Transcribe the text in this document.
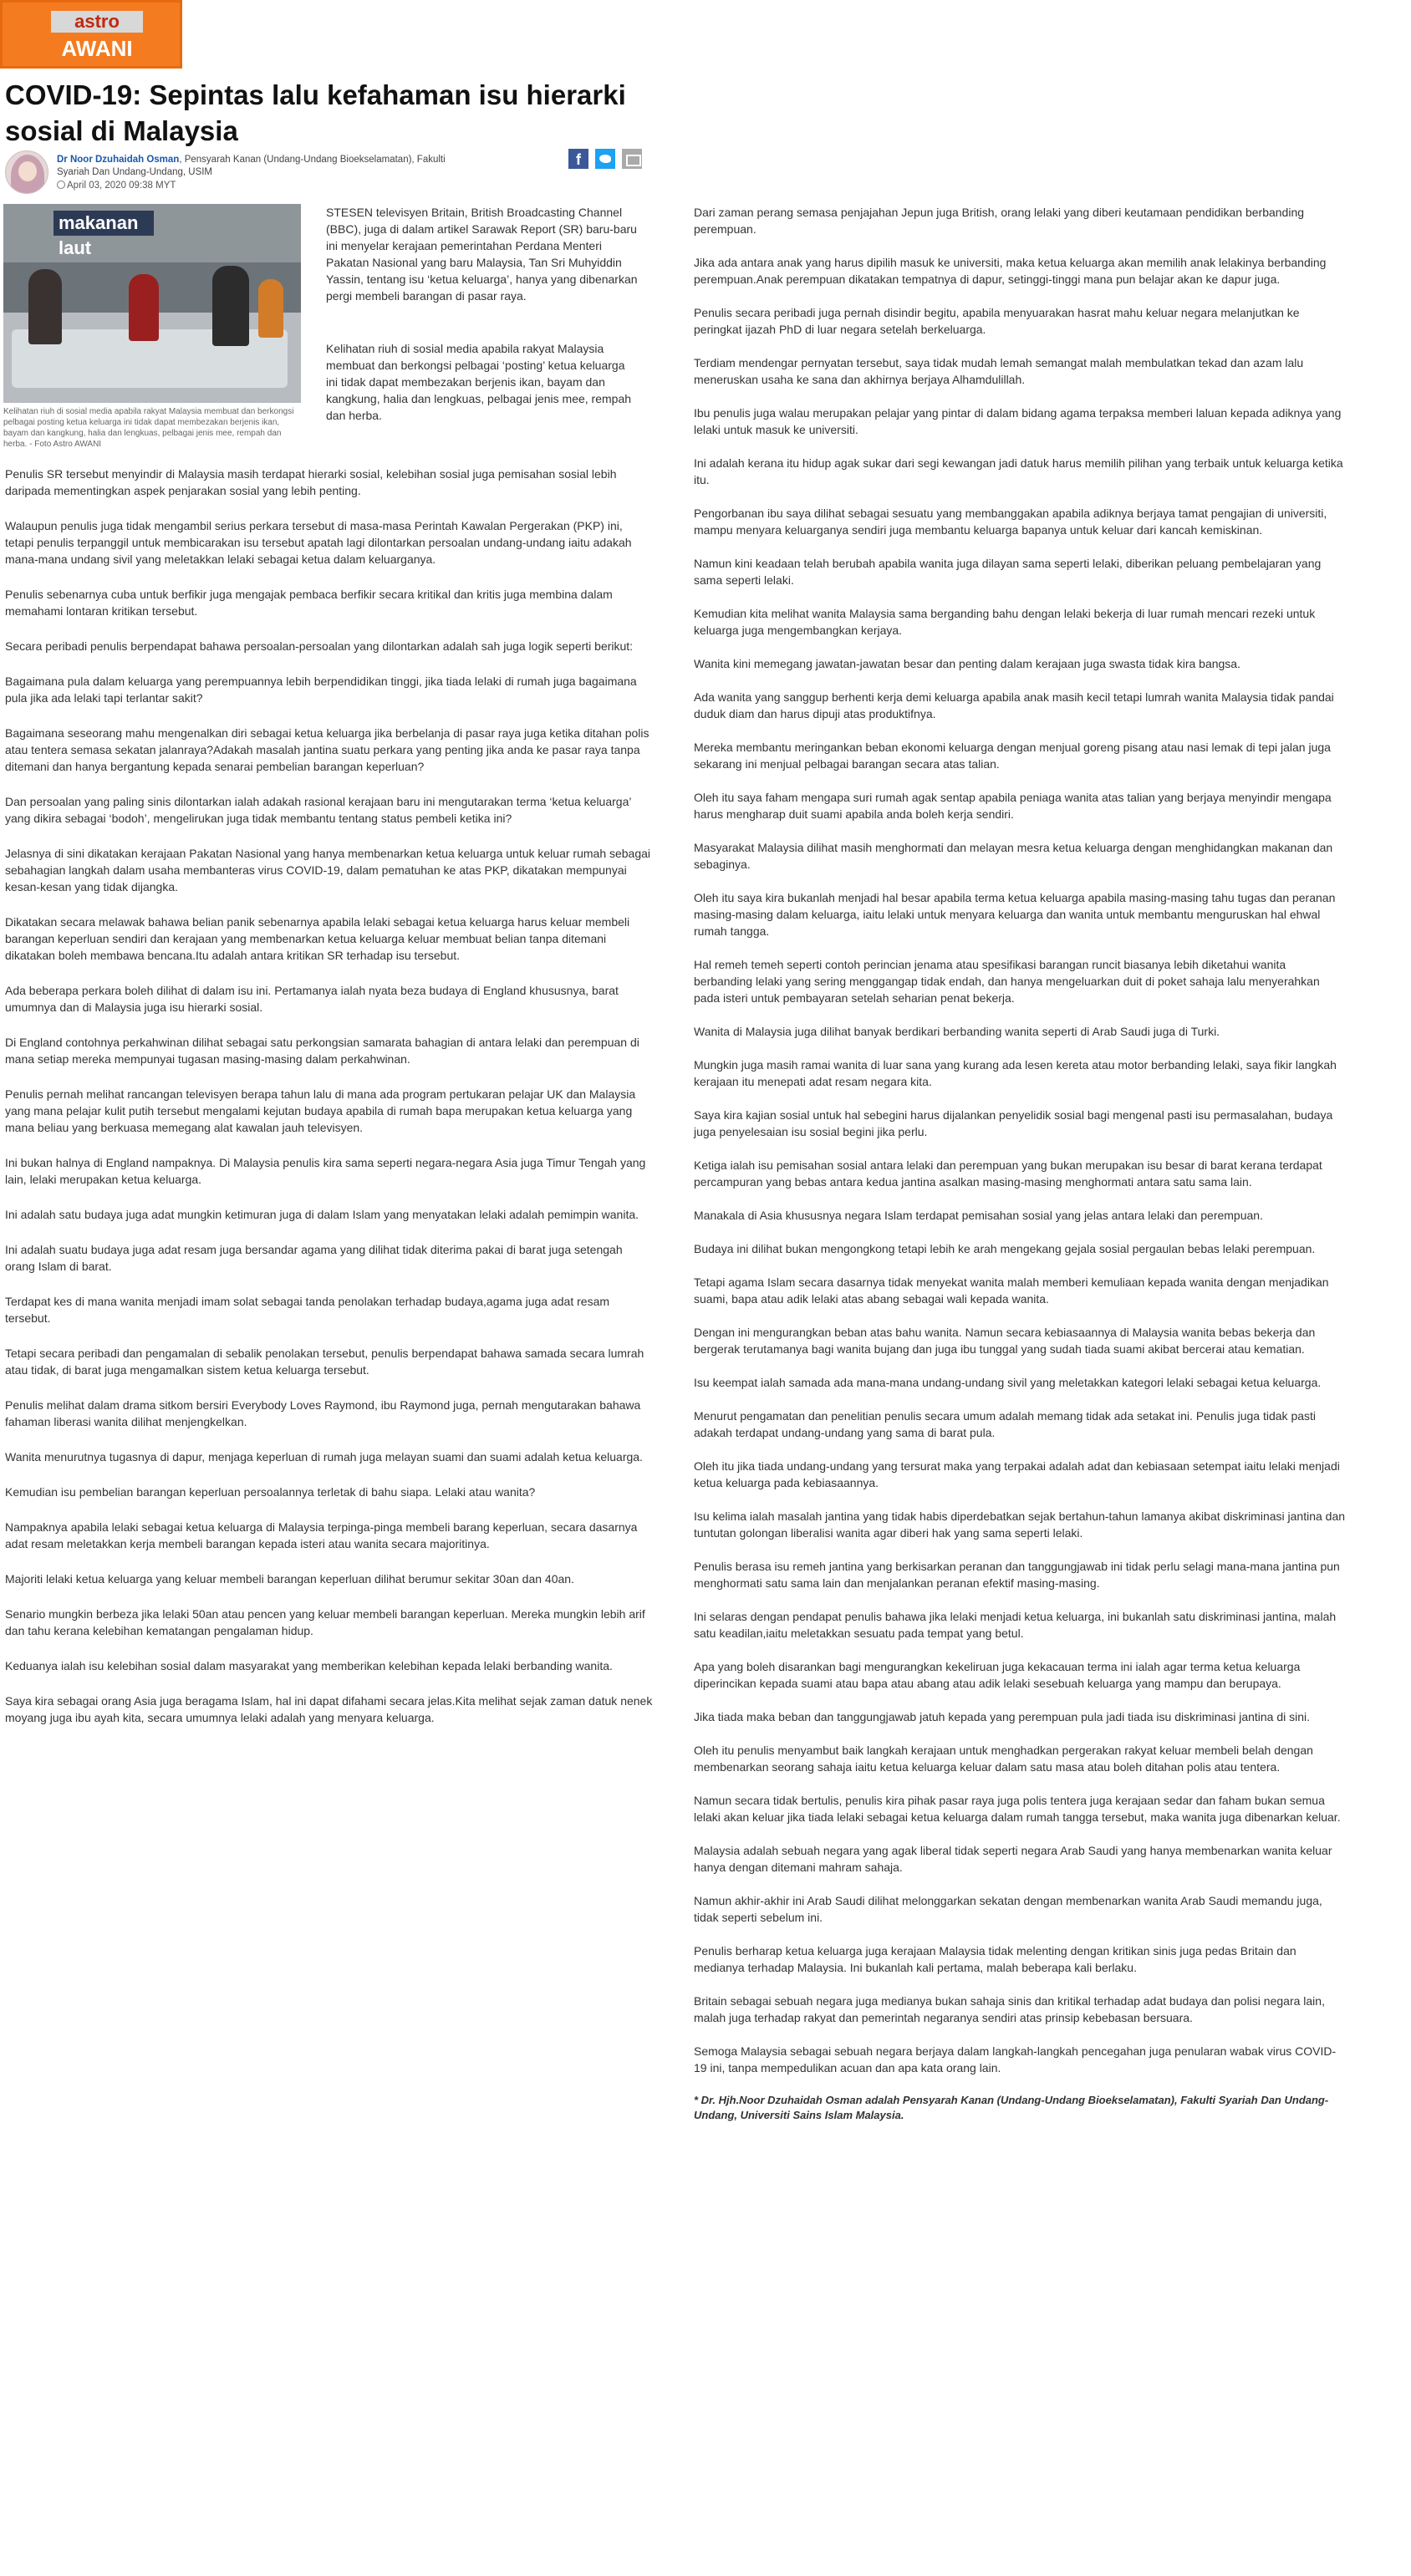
astro
AWANI
COVID-19: Sepintas lalu kefahaman isu hierarki sosial di Malaysia
Dr Noor Dzuhaidah Osman, Pensyarah Kanan (Undang-Undang Bioekselamatan), Fakulti Syariah Dan Undang-Undang, USIM
April 03, 2020 09:38 MYT
f
makanan laut
Kelihatan riuh di sosial media apabila rakyat Malaysia membuat dan berkongsi pelbagai posting ketua keluarga ini tidak dapat membezakan berjenis ikan, bayam dan kangkung, halia dan lengkuas, pelbagai jenis mee, rempah dan herba. - Foto Astro AWANI
STESEN televisyen Britain, British Broadcasting Channel (BBC), juga di dalam artikel Sarawak Report (SR) baru-baru ini menyelar kerajaan pemerintahan Perdana Menteri Pakatan Nasional yang baru Malaysia, Tan Sri Muhyiddin Yassin, tentang isu ‘ketua keluarga’, hanya yang dibenarkan pergi membeli barangan di pasar raya.
Kelihatan riuh di sosial media apabila rakyat Malaysia membuat dan berkongsi pelbagai ‘posting’ ketua keluarga ini tidak dapat membezakan berjenis ikan, bayam dan kangkung, halia dan lengkuas, pelbagai jenis mee, rempah dan herba.
Penulis SR tersebut menyindir di Malaysia masih terdapat hierarki sosial, kelebihan sosial juga pemisahan sosial lebih daripada mementingkan aspek penjarakan sosial yang lebih penting.
Walaupun penulis juga tidak mengambil serius perkara tersebut di masa-masa Perintah Kawalan Pergerakan (PKP) ini, tetapi penulis terpanggil untuk membicarakan isu tersebut apatah lagi dilontarkan persoalan undang-undang iaitu adakah mana-mana undang sivil yang meletakkan lelaki sebagai ketua dalam keluarganya.
Penulis sebenarnya cuba untuk berfikir juga mengajak pembaca berfikir secara kritikal dan kritis juga membina dalam memahami lontaran kritikan tersebut.
Secara peribadi penulis berpendapat bahawa persoalan-persoalan yang dilontarkan adalah sah juga logik seperti berikut:
Bagaimana pula dalam keluarga yang perempuannya lebih berpendidikan tinggi, jika tiada lelaki di rumah juga bagaimana pula jika ada lelaki tapi terlantar sakit?
Bagaimana seseorang mahu mengenalkan diri sebagai ketua keluarga jika berbelanja di pasar raya juga ketika ditahan polis atau tentera semasa sekatan jalanraya?Adakah masalah jantina suatu perkara yang penting jika anda ke pasar raya tanpa ditemani dan hanya bergantung kepada senarai pembelian barangan keperluan?
Dan persoalan yang paling sinis dilontarkan ialah adakah rasional kerajaan baru ini mengutarakan terma ‘ketua keluarga’ yang dikira sebagai ‘bodoh’, mengelirukan juga tidak membantu tentang status pembeli ketika ini?
Jelasnya di sini dikatakan kerajaan Pakatan Nasional yang hanya membenarkan ketua keluarga untuk keluar rumah sebagai sebahagian langkah dalam usaha membanteras virus COVID-19, dalam pematuhan ke atas PKP, dikatakan mempunyai kesan-kesan yang tidak dijangka.
Dikatakan secara melawak bahawa belian panik sebenarnya apabila lelaki sebagai ketua keluarga harus keluar membeli barangan keperluan sendiri dan kerajaan yang membenarkan ketua keluarga keluar membuat belian tanpa ditemani dikatakan boleh membawa bencana.Itu adalah antara kritikan SR terhadap isu tersebut.
Ada beberapa perkara boleh dilihat di dalam isu ini. Pertamanya ialah nyata beza budaya di England khususnya, barat umumnya dan di Malaysia juga isu hierarki sosial.
Di England contohnya perkahwinan dilihat sebagai satu perkongsian samarata bahagian di antara lelaki dan perempuan di mana setiap mereka mempunyai tugasan masing-masing dalam perkahwinan.
Penulis pernah melihat rancangan televisyen berapa tahun lalu di mana ada program pertukaran pelajar UK dan Malaysia yang mana pelajar kulit putih tersebut mengalami kejutan budaya apabila di rumah bapa merupakan ketua keluarga yang mana beliau yang berkuasa memegang alat kawalan jauh televisyen.
Ini bukan halnya di England nampaknya. Di Malaysia penulis kira sama seperti negara-negara Asia juga Timur Tengah yang lain, lelaki merupakan ketua keluarga.
Ini adalah satu budaya juga adat mungkin ketimuran juga di dalam Islam yang menyatakan lelaki adalah pemimpin wanita.
Ini adalah suatu budaya juga adat resam juga bersandar agama yang dilihat tidak diterima pakai di barat juga setengah orang Islam di barat.
Terdapat kes di mana wanita menjadi imam solat sebagai tanda penolakan terhadap budaya,agama juga adat resam tersebut.
Tetapi secara peribadi dan pengamalan di sebalik penolakan tersebut, penulis berpendapat bahawa samada secara lumrah atau tidak, di barat juga mengamalkan sistem ketua keluarga tersebut.
Penulis melihat dalam drama sitkom bersiri Everybody Loves Raymond, ibu Raymond juga, pernah mengutarakan bahawa fahaman liberasi wanita dilihat menjengkelkan.
Wanita menurutnya tugasnya di dapur, menjaga keperluan di rumah juga melayan suami dan suami adalah ketua keluarga.
Kemudian isu pembelian barangan keperluan persoalannya terletak di bahu siapa. Lelaki atau wanita?
Nampaknya apabila lelaki sebagai ketua keluarga di Malaysia terpinga-pinga membeli barang keperluan, secara dasarnya adat resam meletakkan kerja membeli barangan kepada isteri atau wanita secara majoritinya.
Majoriti lelaki ketua keluarga yang keluar membeli barangan keperluan dilihat berumur sekitar 30an dan 40an.
Senario mungkin berbeza jika lelaki 50an atau pencen yang keluar membeli barangan keperluan. Mereka mungkin lebih arif dan tahu kerana kelebihan kematangan pengalaman hidup.
Keduanya ialah isu kelebihan sosial dalam masyarakat yang memberikan kelebihan kepada lelaki berbanding wanita.
Saya kira sebagai orang Asia juga beragama Islam, hal ini dapat difahami secara jelas.Kita melihat sejak zaman datuk nenek moyang juga ibu ayah kita, secara umumnya lelaki adalah yang menyara keluarga.
Dari zaman perang semasa penjajahan Jepun juga British, orang lelaki yang diberi keutamaan pendidikan berbanding perempuan.
Jika ada antara anak yang harus dipilih masuk ke universiti, maka ketua keluarga akan memilih anak lelakinya berbanding perempuan.Anak perempuan dikatakan tempatnya di dapur, setinggi-tinggi mana pun belajar akan ke dapur juga.
Penulis secara peribadi juga pernah disindir begitu, apabila menyuarakan hasrat mahu keluar negara melanjutkan ke peringkat ijazah PhD di luar negara setelah berkeluarga.
Terdiam mendengar pernyatan tersebut, saya tidak mudah lemah semangat malah membulatkan tekad dan azam lalu meneruskan usaha ke sana dan akhirnya berjaya Alhamdulillah.
Ibu penulis juga walau merupakan pelajar yang pintar di dalam bidang agama terpaksa memberi laluan kepada adiknya yang lelaki untuk masuk ke universiti.
Ini adalah kerana itu hidup agak sukar dari segi kewangan jadi datuk harus memilih pilihan yang terbaik untuk keluarga ketika itu.
Pengorbanan ibu saya dilihat sebagai sesuatu yang membanggakan apabila adiknya berjaya tamat pengajian di universiti, mampu menyara keluarganya sendiri juga membantu keluarga bapanya untuk keluar dari kancah kemiskinan.
Namun kini keadaan telah berubah apabila wanita juga dilayan sama seperti lelaki, diberikan peluang pembelajaran yang sama seperti lelaki.
Kemudian kita melihat wanita Malaysia sama berganding bahu dengan lelaki bekerja di luar rumah mencari rezeki untuk keluarga juga mengembangkan kerjaya.
Wanita kini memegang jawatan-jawatan besar dan penting dalam kerajaan juga swasta tidak kira bangsa.
Ada wanita yang sanggup berhenti kerja demi keluarga apabila anak masih kecil tetapi lumrah wanita Malaysia tidak pandai duduk diam dan harus dipuji atas produktifnya.
Mereka membantu meringankan beban ekonomi keluarga dengan menjual goreng pisang atau nasi lemak di tepi jalan juga sekarang ini menjual pelbagai barangan secara atas talian.
Oleh itu saya faham mengapa suri rumah agak sentap apabila peniaga wanita atas talian yang berjaya menyindir mengapa harus mengharap duit suami apabila anda boleh kerja sendiri.
Masyarakat Malaysia dilihat masih menghormati dan melayan mesra ketua keluarga dengan menghidangkan makanan dan sebaginya.
Oleh itu saya kira bukanlah menjadi hal besar apabila terma ketua keluarga apabila masing-masing tahu tugas dan peranan masing-masing dalam keluarga, iaitu lelaki untuk menyara keluarga dan wanita untuk membantu menguruskan hal ehwal rumah tangga.
Hal remeh temeh seperti contoh perincian jenama atau spesifikasi barangan runcit biasanya lebih diketahui wanita berbanding lelaki yang sering menggangap tidak endah, dan hanya mengeluarkan duit di poket sahaja lalu menyerahkan pada isteri untuk pembayaran setelah seharian penat bekerja.
Wanita di Malaysia juga dilihat banyak berdikari berbanding wanita seperti di Arab Saudi juga di Turki.
Mungkin juga masih ramai wanita di luar sana yang kurang ada lesen kereta atau motor berbanding lelaki, saya fikir langkah kerajaan itu menepati adat resam negara kita.
Saya kira kajian sosial untuk hal sebegini harus dijalankan penyelidik sosial bagi mengenal pasti isu permasalahan, budaya juga penyelesaian isu sosial begini jika perlu.
Ketiga ialah isu pemisahan sosial antara lelaki dan perempuan yang bukan merupakan isu besar di barat kerana terdapat percampuran yang bebas antara kedua jantina asalkan masing-masing menghormati antara satu sama lain.
Manakala di Asia khususnya negara Islam terdapat pemisahan sosial yang jelas antara lelaki dan perempuan.
Budaya ini dilihat bukan mengongkong tetapi lebih ke arah mengekang gejala sosial pergaulan bebas lelaki perempuan.
Tetapi agama Islam secara dasarnya tidak menyekat wanita malah memberi kemuliaan kepada wanita dengan menjadikan suami, bapa atau adik lelaki atas abang sebagai wali kepada wanita.
Dengan ini mengurangkan beban atas bahu wanita. Namun secara kebiasaannya di Malaysia wanita bebas bekerja dan bergerak terutamanya bagi wanita bujang dan juga ibu tunggal yang sudah tiada suami akibat bercerai atau kematian.
Isu keempat ialah samada ada mana-mana undang-undang sivil yang meletakkan kategori lelaki sebagai ketua keluarga.
Menurut pengamatan dan penelitian penulis secara umum adalah memang tidak ada setakat ini. Penulis juga tidak pasti adakah terdapat undang-undang yang sama di barat pula.
Oleh itu jika tiada undang-undang yang tersurat maka yang terpakai adalah adat dan kebiasaan setempat iaitu lelaki menjadi ketua keluarga pada kebiasaannya.
Isu kelima ialah masalah jantina yang tidak habis diperdebatkan sejak bertahun-tahun lamanya akibat diskriminasi jantina dan tuntutan golongan liberalisi wanita agar diberi hak yang sama seperti lelaki.
Penulis berasa isu remeh jantina yang berkisarkan peranan dan tanggungjawab ini tidak perlu selagi mana-mana jantina pun menghormati satu sama lain dan menjalankan peranan efektif masing-masing.
Ini selaras dengan pendapat penulis bahawa jika lelaki menjadi ketua keluarga, ini bukanlah satu diskriminasi jantina, malah satu keadilan,iaitu meletakkan sesuatu pada tempat yang betul.
Apa yang boleh disarankan bagi mengurangkan kekeliruan juga kekacauan terma ini ialah agar terma ketua keluarga diperincikan kepada suami atau bapa atau abang atau adik lelaki sesebuah keluarga yang mampu dan berupaya.
Jika tiada maka beban dan tanggungjawab jatuh kepada yang perempuan pula jadi tiada isu diskriminasi jantina di sini.
Oleh itu penulis menyambut baik langkah kerajaan untuk menghadkan pergerakan rakyat keluar membeli belah dengan membenarkan seorang sahaja iaitu ketua keluarga keluar dalam satu masa atau boleh ditahan polis atau tentera.
Namun secara tidak bertulis, penulis kira pihak pasar raya juga polis tentera juga kerajaan sedar dan faham bukan semua lelaki akan keluar jika tiada lelaki sebagai ketua keluarga dalam rumah tangga tersebut, maka wanita juga dibenarkan keluar.
Malaysia adalah sebuah negara yang agak liberal tidak seperti negara Arab Saudi yang hanya membenarkan wanita keluar hanya dengan ditemani mahram sahaja.
Namun akhir-akhir ini Arab Saudi dilihat melonggarkan sekatan dengan membenarkan wanita Arab Saudi memandu juga, tidak seperti sebelum ini.
Penulis berharap ketua keluarga juga kerajaan Malaysia tidak melenting dengan kritikan sinis juga pedas Britain dan medianya terhadap Malaysia. Ini bukanlah kali pertama, malah beberapa kali berlaku.
Britain sebagai sebuah negara juga medianya bukan sahaja sinis dan kritikal terhadap adat budaya dan polisi negara lain, malah juga terhadap rakyat dan pemerintah negaranya sendiri atas prinsip kebebasan bersuara.
Semoga Malaysia sebagai sebuah negara berjaya dalam langkah-langkah pencegahan juga penularan wabak virus COVID-19 ini, tanpa mempedulikan acuan dan apa kata orang lain.
* Dr. Hjh.Noor Dzuhaidah Osman adalah Pensyarah Kanan (Undang-Undang Bioekselamatan), Fakulti Syariah Dan Undang-Undang, Universiti Sains Islam Malaysia.
